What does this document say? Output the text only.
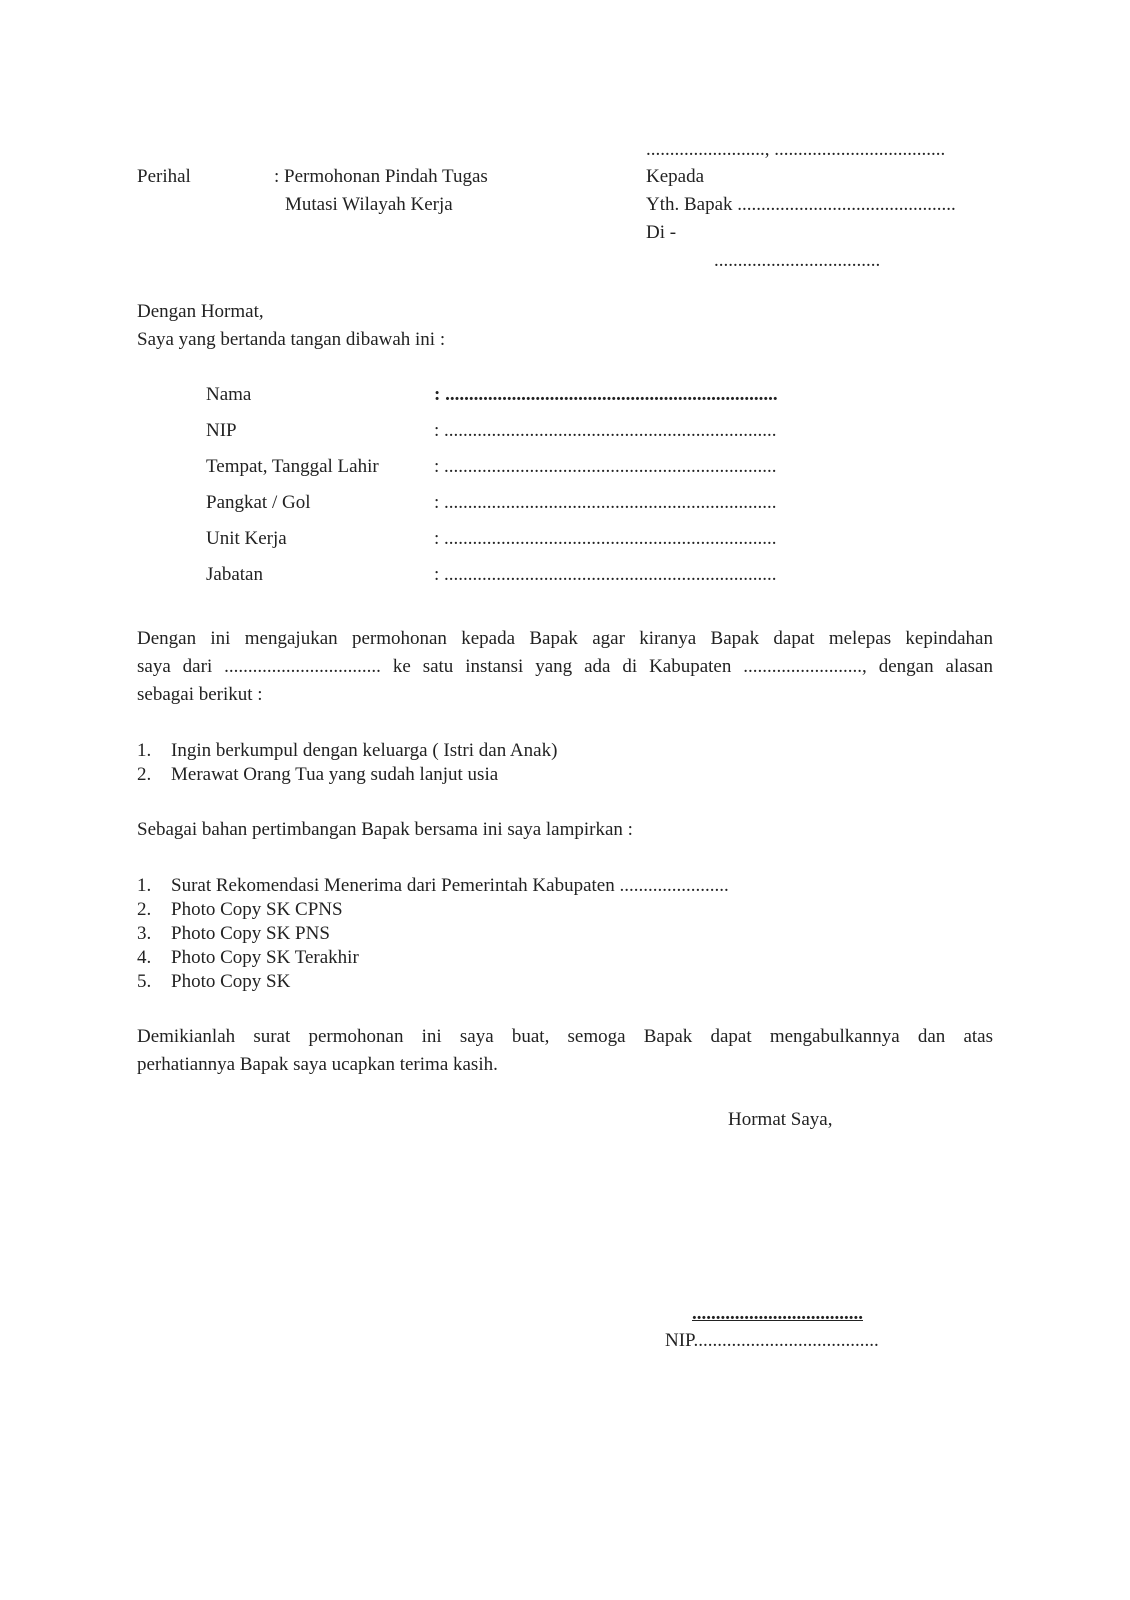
........................., ....................................
Perihal	: Permohonan Pindah Tugas
Mutasi Wilayah Kerja
Kepada
Yth. Bapak ..............................................
Di -
...................................
Dengan Hormat,
Saya yang bertanda tangan dibawah ini :
Nama	: ......................................................................
NIP	: ......................................................................
Tempat, Tanggal Lahir	: ......................................................................
Pangkat / Gol	: ......................................................................
Unit Kerja	: ......................................................................
Jabatan	: ......................................................................
Dengan ini mengajukan permohonan kepada Bapak agar kiranya Bapak dapat melepas kepindahan
saya dari ................................. ke satu instansi yang ada di Kabupaten ........................., dengan alasan
sebagai berikut :
1. Ingin berkumpul dengan keluarga ( Istri dan Anak)
2. Merawat Orang Tua yang sudah lanjut usia
Sebagai bahan pertimbangan Bapak bersama ini saya lampirkan :
1. Surat Rekomendasi Menerima dari Pemerintah Kabupaten .......................
2. Photo Copy SK CPNS
3. Photo Copy SK PNS
4. Photo Copy SK Terakhir
5. Photo Copy SK
Demikianlah surat permohonan ini saya buat, semoga Bapak dapat mengabulkannya dan atas
perhatiannya Bapak saya ucapkan terima kasih.
Hormat Saya,
....................................
NIP.......................................
